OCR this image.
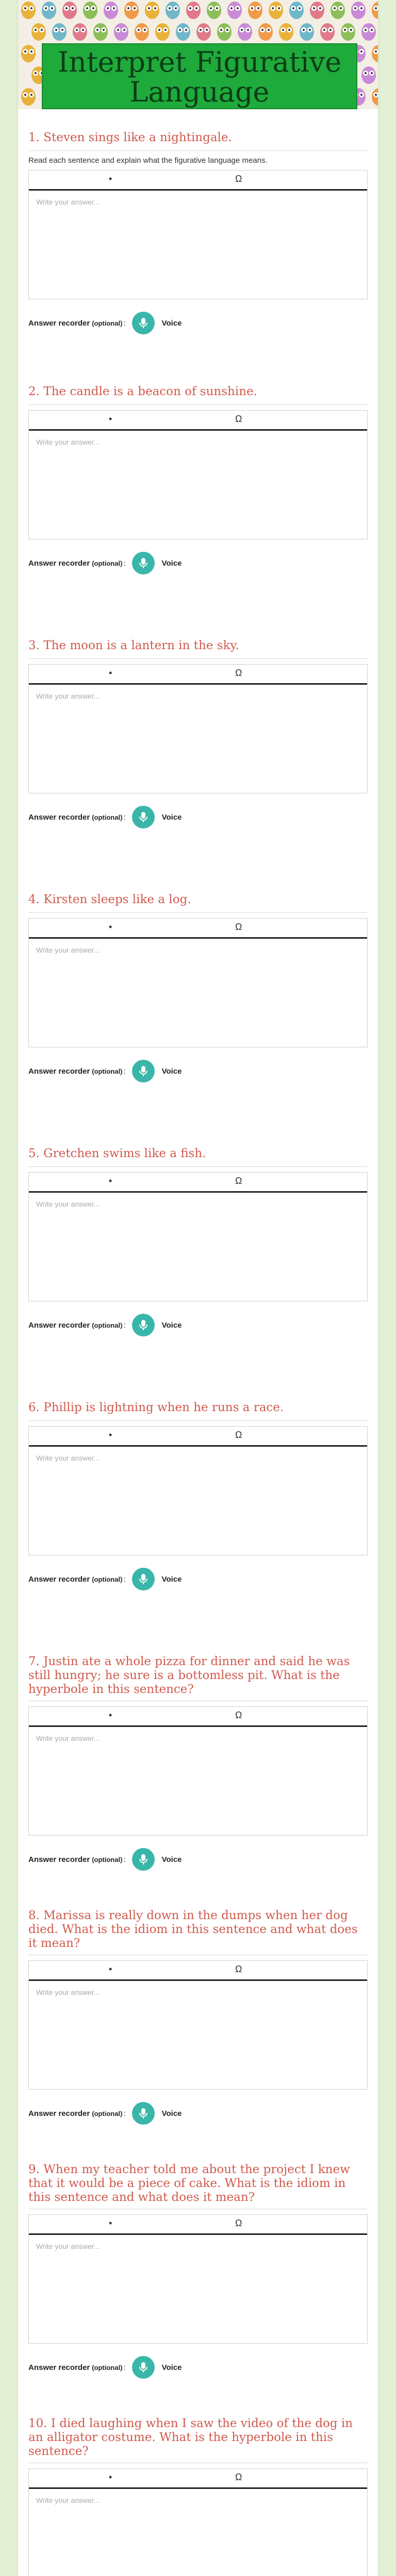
Interpret Figurative
Language

1. Steven sings like a nightingale.

Read each sentence and explain what the figurative language means.
•	Ω
Write your answer...
Answer recorder (optional) :	Voice

2. The candle is a beacon of sunshine.

•	Ω
Write your answer...
Answer recorder (optional) :	Voice

3. The moon is a lantern in the sky.

•	Ω
Write your answer...
Answer recorder (optional) :	Voice

4. Kirsten sleeps like a log.

•	Ω
Write your answer...
Answer recorder (optional) :	Voice

5. Gretchen swims like a fish.

•	Ω
Write your answer...
Answer recorder (optional) :	Voice

6. Phillip is lightning when he runs a race.

•	Ω
Write your answer...
Answer recorder (optional) :	Voice

7. Justin ate a whole pizza for dinner and said he was still hungry; he sure is a bottomless pit. What is the hyperbole in this sentence?

•	Ω
Write your answer...
Answer recorder (optional) :	Voice

8. Marissa is really down in the dumps when her dog died. What is the idiom in this sentence and what does it mean?

•	Ω
Write your answer...
Answer recorder (optional) :	Voice

9. When my teacher told me about the project I knew that it would be a piece of cake. What is the idiom in this sentence and what does it mean?

•	Ω
Write your answer...
Answer recorder (optional) :	Voice

10. I died laughing when I saw the video of the dog in an alligator costume. What is the hyperbole in this sentence?

•	Ω
Write your answer...
